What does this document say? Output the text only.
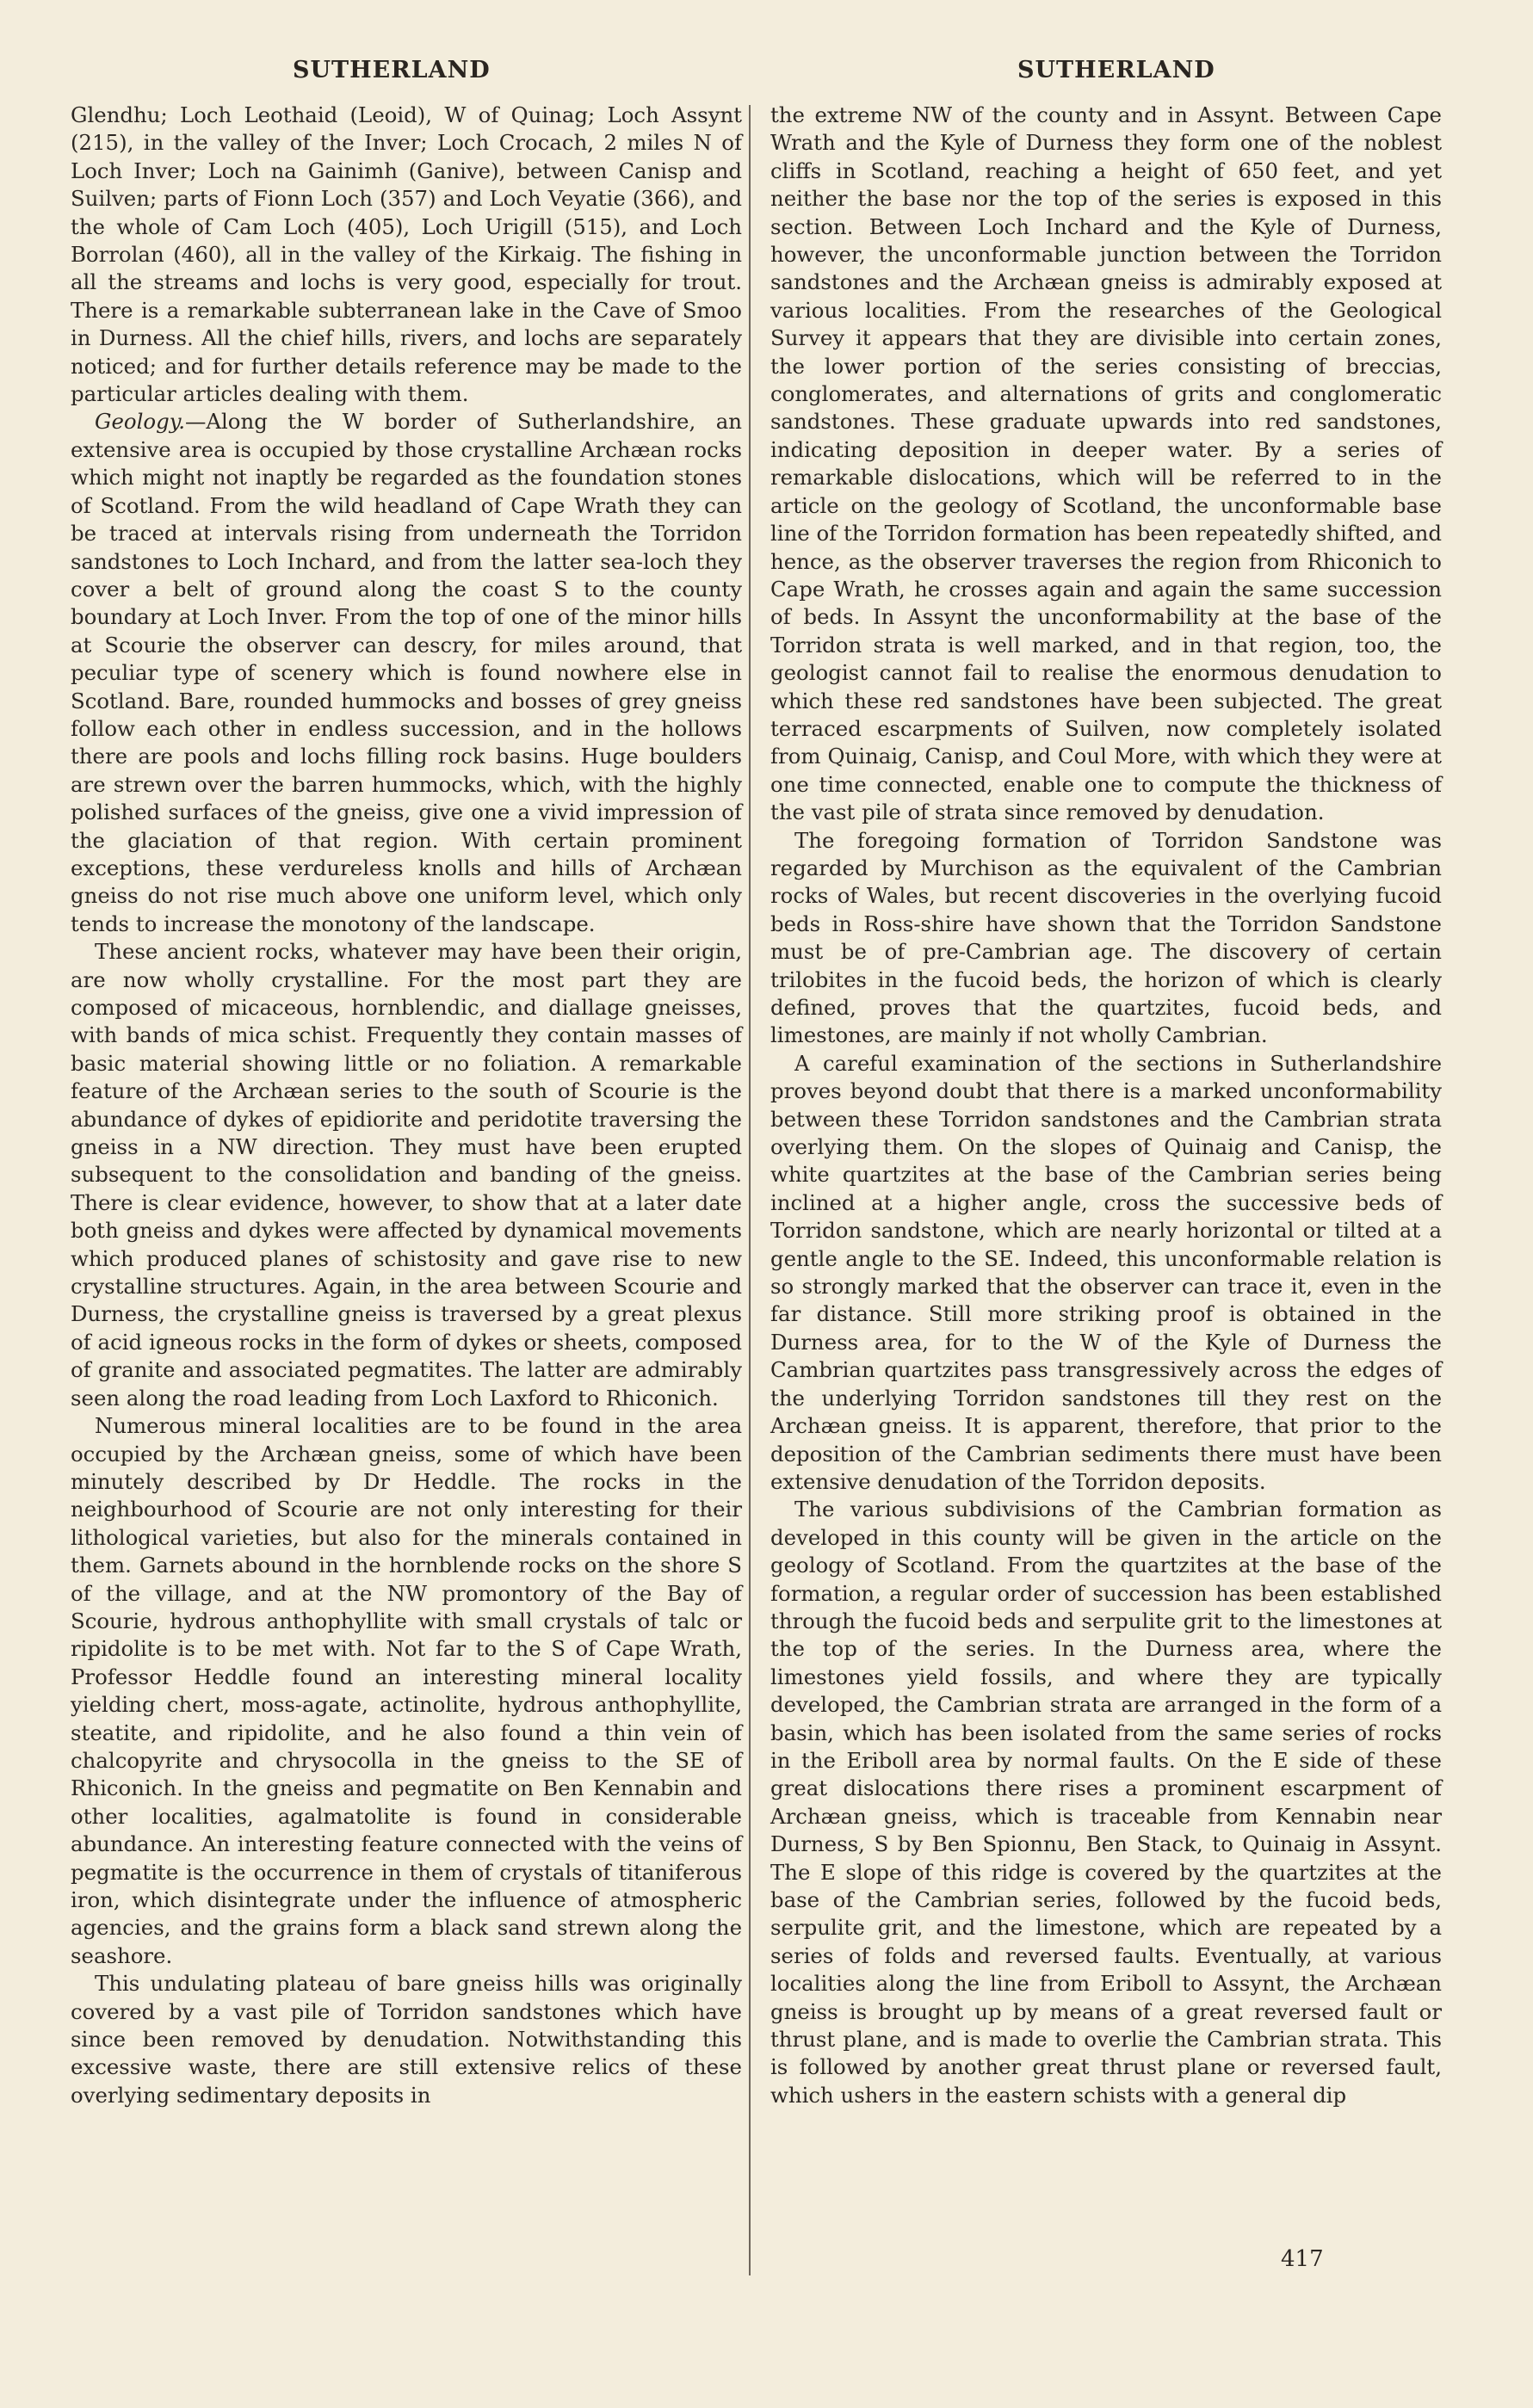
SUTHERLAND	SUTHERLAND

Glendhu; Loch Leothaid (Leoid), W of Quinag; Loch Assynt (215), in the valley of the Inver; Loch Crocach, 2 miles N of Loch Inver; Loch na Gainimh (Ganive), between Canisp and Suilven; parts of Fionn Loch (357) and Loch Veyatie (366), and the whole of Cam Loch (405), Loch Urigill (515), and Loch Borrolan (460), all in the valley of the Kirkaig. The fishing in all the streams and lochs is very good, especially for trout. There is a remarkable subterranean lake in the Cave of Smoo in Durness. All the chief hills, rivers, and lochs are separately noticed; and for further details reference may be made to the particular articles dealing with them.

Geology.—Along the W border of Sutherlandshire, an extensive area is occupied by those crystalline Archæan rocks which might not inaptly be regarded as the foundation stones of Scotland. From the wild headland of Cape Wrath they can be traced at intervals rising from underneath the Torridon sandstones to Loch Inchard, and from the latter sea-loch they cover a belt of ground along the coast S to the county boundary at Loch Inver. From the top of one of the minor hills at Scourie the observer can descry, for miles around, that peculiar type of scenery which is found nowhere else in Scotland. Bare, rounded hummocks and bosses of grey gneiss follow each other in endless succession, and in the hollows there are pools and lochs filling rock basins. Huge boulders are strewn over the barren hummocks, which, with the highly polished surfaces of the gneiss, give one a vivid impression of the glaciation of that region. With certain prominent exceptions, these verdureless knolls and hills of Archæan gneiss do not rise much above one uniform level, which only tends to increase the monotony of the landscape.

These ancient rocks, whatever may have been their origin, are now wholly crystalline. For the most part they are composed of micaceous, hornblendic, and diallage gneisses, with bands of mica schist. Frequently they contain masses of basic material showing little or no foliation. A remarkable feature of the Archæan series to the south of Scourie is the abundance of dykes of epidiorite and peridotite traversing the gneiss in a NW direction. They must have been erupted subsequent to the consolidation and banding of the gneiss. There is clear evidence, however, to show that at a later date both gneiss and dykes were affected by dynamical movements which produced planes of schistosity and gave rise to new crystalline structures. Again, in the area between Scourie and Durness, the crystalline gneiss is traversed by a great plexus of acid igneous rocks in the form of dykes or sheets, composed of granite and associated pegmatites. The latter are admirably seen along the road leading from Loch Laxford to Rhiconich.

Numerous mineral localities are to be found in the area occupied by the Archæan gneiss, some of which have been minutely described by Dr Heddle. The rocks in the neighbourhood of Scourie are not only interesting for their lithological varieties, but also for the minerals contained in them. Garnets abound in the hornblende rocks on the shore S of the village, and at the NW promontory of the Bay of Scourie, hydrous anthophyllite with small crystals of talc or ripidolite is to be met with. Not far to the S of Cape Wrath, Professor Heddle found an interesting mineral locality yielding chert, moss-agate, actinolite, hydrous anthophyllite, steatite, and ripidolite, and he also found a thin vein of chalcopyrite and chrysocolla in the gneiss to the SE of Rhiconich. In the gneiss and pegmatite on Ben Kennabin and other localities, agalmatolite is found in considerable abundance. An interesting feature connected with the veins of pegmatite is the occurrence in them of crystals of titaniferous iron, which disintegrate under the influence of atmospheric agencies, and the grains form a black sand strewn along the seashore.

This undulating plateau of bare gneiss hills was originally covered by a vast pile of Torridon sandstones which have since been removed by denudation. Notwithstanding this excessive waste, there are still extensive relics of these overlying sedimentary deposits in

the extreme NW of the county and in Assynt. Between Cape Wrath and the Kyle of Durness they form one of the noblest cliffs in Scotland, reaching a height of 650 feet, and yet neither the base nor the top of the series is exposed in this section. Between Loch Inchard and the Kyle of Durness, however, the unconformable junction between the Torridon sandstones and the Archæan gneiss is admirably exposed at various localities. From the researches of the Geological Survey it appears that they are divisible into certain zones, the lower portion of the series consisting of breccias, conglomerates, and alternations of grits and conglomeratic sandstones. These graduate upwards into red sandstones, indicating deposition in deeper water. By a series of remarkable dislocations, which will be referred to in the article on the geology of Scotland, the unconformable base line of the Torridon formation has been repeatedly shifted, and hence, as the observer traverses the region from Rhiconich to Cape Wrath, he crosses again and again the same succession of beds. In Assynt the unconformability at the base of the Torridon strata is well marked, and in that region, too, the geologist cannot fail to realise the enormous denudation to which these red sandstones have been subjected. The great terraced escarpments of Suilven, now completely isolated from Quinaig, Canisp, and Coul More, with which they were at one time connected, enable one to compute the thickness of the vast pile of strata since removed by denudation.

The foregoing formation of Torridon Sandstone was regarded by Murchison as the equivalent of the Cambrian rocks of Wales, but recent discoveries in the overlying fucoid beds in Ross-shire have shown that the Torridon Sandstone must be of pre-Cambrian age. The discovery of certain trilobites in the fucoid beds, the horizon of which is clearly defined, proves that the quartzites, fucoid beds, and limestones, are mainly if not wholly Cambrian.

A careful examination of the sections in Sutherlandshire proves beyond doubt that there is a marked unconformability between these Torridon sandstones and the Cambrian strata overlying them. On the slopes of Quinaig and Canisp, the white quartzites at the base of the Cambrian series being inclined at a higher angle, cross the successive beds of Torridon sandstone, which are nearly horizontal or tilted at a gentle angle to the SE. Indeed, this unconformable relation is so strongly marked that the observer can trace it, even in the far distance. Still more striking proof is obtained in the Durness area, for to the W of the Kyle of Durness the Cambrian quartzites pass transgressively across the edges of the underlying Torridon sandstones till they rest on the Archæan gneiss. It is apparent, therefore, that prior to the deposition of the Cambrian sediments there must have been extensive denudation of the Torridon deposits.

The various subdivisions of the Cambrian formation as developed in this county will be given in the article on the geology of Scotland. From the quartzites at the base of the formation, a regular order of succession has been established through the fucoid beds and serpulite grit to the limestones at the top of the series. In the Durness area, where the limestones yield fossils, and where they are typically developed, the Cambrian strata are arranged in the form of a basin, which has been isolated from the same series of rocks in the Eriboll area by normal faults. On the E side of these great dislocations there rises a prominent escarpment of Archæan gneiss, which is traceable from Kennabin near Durness, S by Ben Spionnu, Ben Stack, to Quinaig in Assynt. The E slope of this ridge is covered by the quartzites at the base of the Cambrian series, followed by the fucoid beds, serpulite grit, and the limestone, which are repeated by a series of folds and reversed faults. Eventually, at various localities along the line from Eriboll to Assynt, the Archæan gneiss is brought up by means of a great reversed fault or thrust plane, and is made to overlie the Cambrian strata. This is followed by another great thrust plane or reversed fault, which ushers in the eastern schists with a general dip

417
